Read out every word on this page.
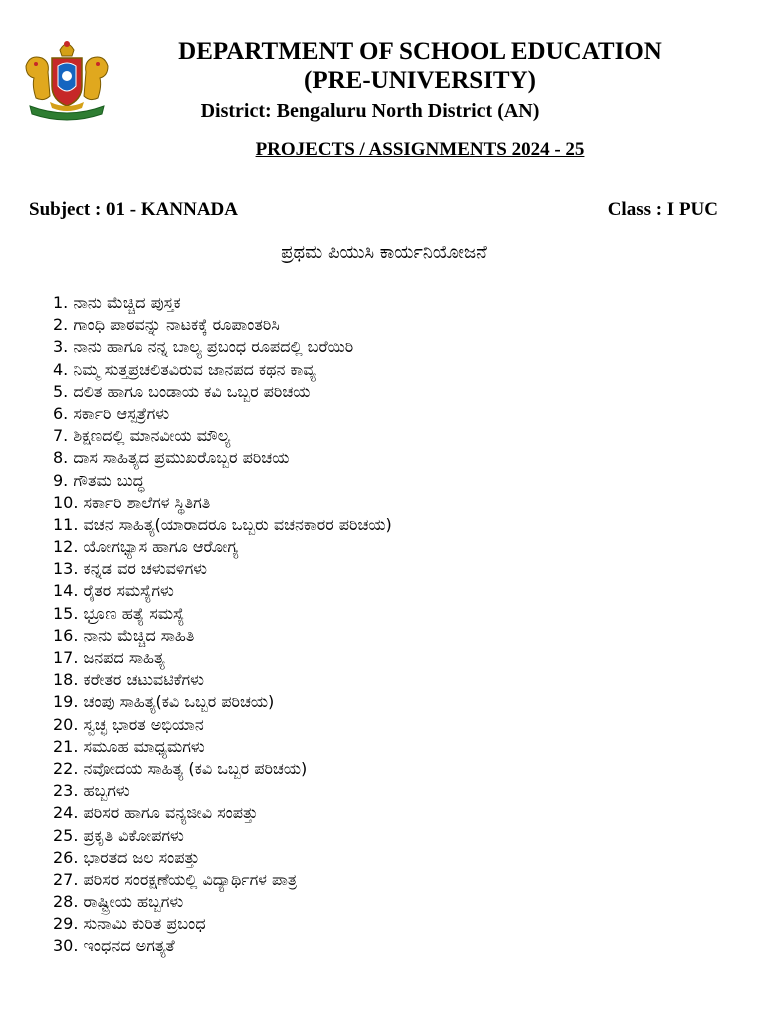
DEPARTMENT OF SCHOOL EDUCATION
(PRE-UNIVERSITY)
District: Bengaluru North District (AN)
PROJECTS / ASSIGNMENTS 2024 - 25
Subject : 01 - KANNADA	Class : I PUC
ಪ್ರಥಮ ಪಿಯುಸಿ ಕಾರ್ಯನಿಯೋಜನೆ
1. ನಾನು ಮೆಚ್ಚಿದ ಪುಸ್ತಕ
2. ಗಾಂಧಿ ಪಾಠವನ್ನು ನಾಟಕಕ್ಕೆ ರೂಪಾಂತರಿಸಿ
3. ನಾನು ಹಾಗೂ ನನ್ನ ಬಾಲ್ಯ ಪ್ರಬಂಧ ರೂಪದಲ್ಲಿ ಬರೆಯಿರಿ
4. ನಿಮ್ಮ ಸುತ್ತಪ್ರಚಲಿತವಿರುವ ಜಾನಪದ ಕಥನ ಕಾವ್ಯ
5. ದಲಿತ ಹಾಗೂ ಬಂಡಾಯ ಕವಿ ಒಬ್ಬರ ಪರಿಚಯ
6. ಸರ್ಕಾರಿ ಆಸ್ಪತ್ರೆಗಳು
7. ಶಿಕ್ಷಣದಲ್ಲಿ ಮಾನವೀಯ ಮೌಲ್ಯ
8. ದಾಸ ಸಾಹಿತ್ಯದ ಪ್ರಮುಖರೊಬ್ಬರ ಪರಿಚಯ
9. ಗೌತಮ ಬುದ್ಧ
10. ಸರ್ಕಾರಿ ಶಾಲೆಗಳ ಸ್ಥಿತಿಗತಿ
11. ವಚನ ಸಾಹಿತ್ಯ(ಯಾರಾದರೂ ಒಬ್ಬರು ವಚನಕಾರರ ಪರಿಚಯ)
12. ಯೋಗಭ್ಯಾಸ ಹಾಗೂ ಆರೋಗ್ಯ
13. ಕನ್ನಡ ವರ ಚಳುವಳಿಗಳು
14. ರೈತರ ಸಮಸ್ಯೆಗಳು
15. ಭ್ರೂಣ ಹತ್ಯೆ ಸಮಸ್ಯೆ
16. ನಾನು ಮೆಚ್ಚಿದ ಸಾಹಿತಿ
17. ಜನಪದ ಸಾಹಿತ್ಯ
18. ಕರೇತರ ಚಟುವಟಿಕೆಗಳು
19. ಚಂಪು ಸಾಹಿತ್ಯ(ಕವಿ ಒಬ್ಬರ ಪರಿಚಯ)
20. ಸ್ವಚ್ಛ ಭಾರತ ಅಭಿಯಾನ
21. ಸಮೂಹ ಮಾಧ್ಯಮಗಳು
22. ನವೋದಯ ಸಾಹಿತ್ಯ (ಕವಿ ಒಬ್ಬರ ಪರಿಚಯ)
23. ಹಬ್ಬಗಳು
24. ಪರಿಸರ ಹಾಗೂ ವನ್ಯಜೀವಿ ಸಂಪತ್ತು
25. ಪ್ರಕೃತಿ ವಿಕೋಪಗಳು
26. ಭಾರತದ ಜಲ ಸಂಪತ್ತು
27. ಪರಿಸರ ಸಂರಕ್ಷಣೆಯಲ್ಲಿ ವಿದ್ಯಾರ್ಥಿಗಳ ಪಾತ್ರ
28. ರಾಷ್ಟ್ರೀಯ ಹಬ್ಬಗಳು
29. ಸುನಾಮಿ ಕುರಿತ ಪ್ರಬಂಧ
30. ಇಂಧನದ ಅಗತ್ಯತೆ
